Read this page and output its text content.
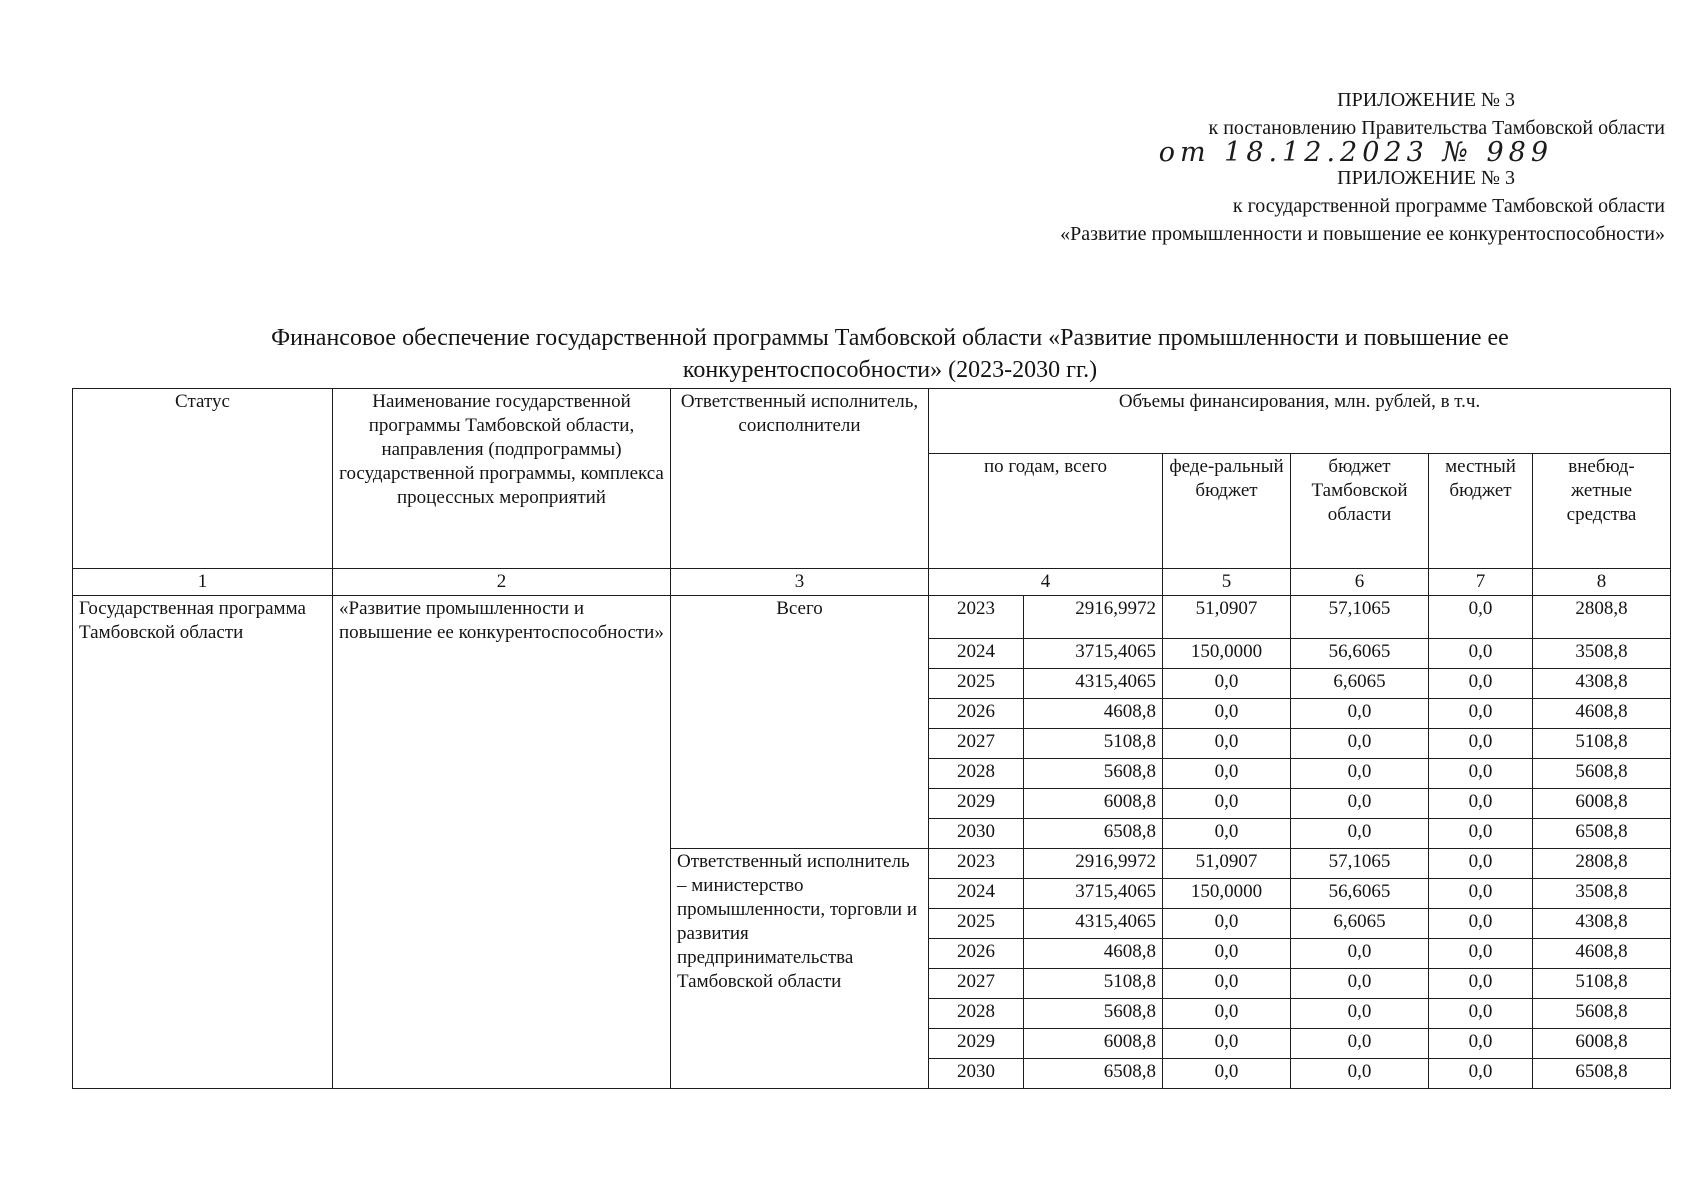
ПРИЛОЖЕНИЕ № 3
к постановлению Правительства Тамбовской области
от 18.12.2023 № 989
ПРИЛОЖЕНИЕ № 3
к государственной программе Тамбовской области
«Развитие промышленности и повышение ее конкурентоспособности»
Финансовое обеспечение государственной программы Тамбовской области «Развитие промышленности и повышение ее конкурентоспособности» (2023-2030 гг.)
Статус	Наименование государственной программы Тамбовской области, направления (подпрограммы) государственной программы, комплекса процессных мероприятий	Ответственный исполнитель, соисполнители	Объемы финансирования, млн. рублей, в т.ч.					
			по годам, всего		феде-ральный бюджет	бюджет Тамбовской области	местный бюджет	внебюд-жетные средства
1	2	3	4		5	6	7	8
Государственная программа Тамбовской области	«Развитие промышленности и повышение ее конкурентоспособности»	Всего	2023	2916,9972	51,0907	57,1065	0,0	2808,8
			2024	3715,4065	150,0000	56,6065	0,0	3508,8
			2025	4315,4065	0,0	6,6065	0,0	4308,8
			2026	4608,8	0,0	0,0	0,0	4608,8
			2027	5108,8	0,0	0,0	0,0	5108,8
			2028	5608,8	0,0	0,0	0,0	5608,8
			2029	6008,8	0,0	0,0	0,0	6008,8
			2030	6508,8	0,0	0,0	0,0	6508,8
		Ответственный исполнитель – министерство промышленности, торговли и развития предпринимательства Тамбовской области	2023	2916,9972	51,0907	57,1065	0,0	2808,8
			2024	3715,4065	150,0000	56,6065	0,0	3508,8
			2025	4315,4065	0,0	6,6065	0,0	4308,8
			2026	4608,8	0,0	0,0	0,0	4608,8
			2027	5108,8	0,0	0,0	0,0	5108,8
			2028	5608,8	0,0	0,0	0,0	5608,8
			2029	6008,8	0,0	0,0	0,0	6008,8
			2030	6508,8	0,0	0,0	0,0	6508,8
